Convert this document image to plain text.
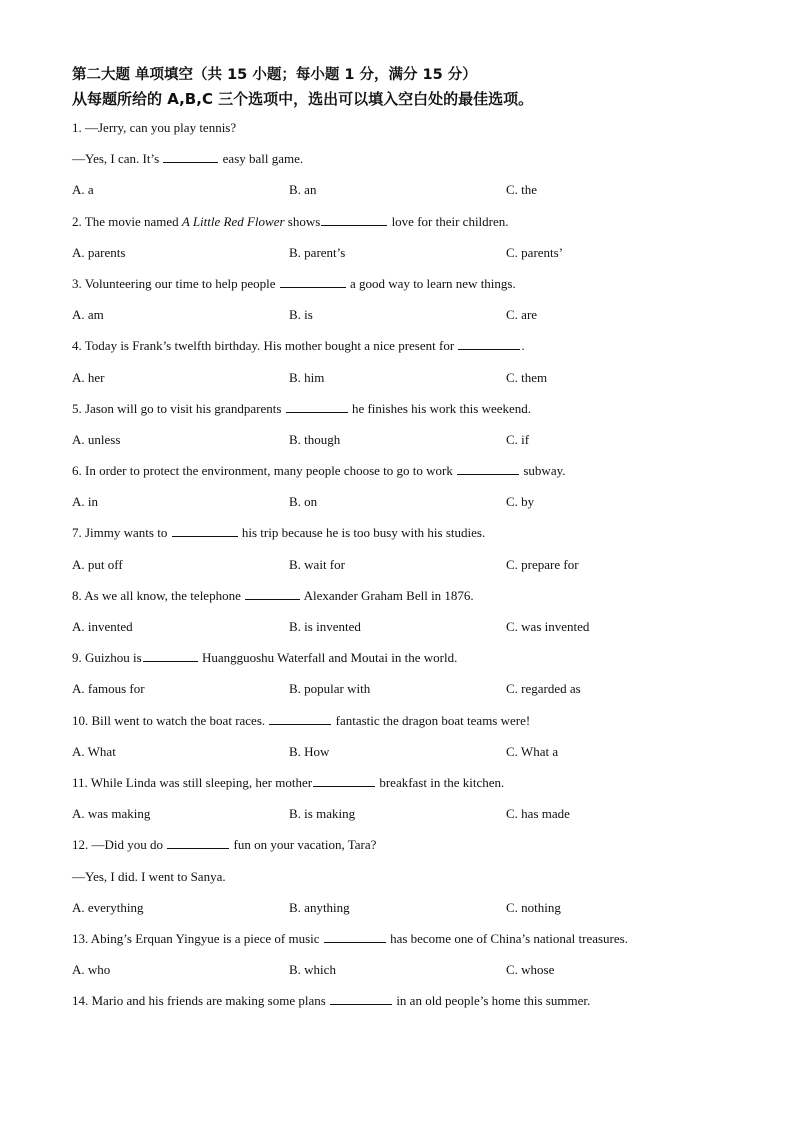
第二大题 单项填空（共 15 小题；每小题 1 分，满分 15 分）
从每题所给的 A,B,C 三个选项中，选出可以填入空白处的最佳选项。
1. —Jerry, can you play tennis?
—Yes, I can. It’s	easy ball game.
A. a	B. an	C. the
2. The movie named A Little Red Flower shows	love for their children.
A. parents	B. parent’s	C. parents’
3. Volunteering our time to help people	a good way to learn new things.
A. am	B. is	C. are
4. Today is Frank’s twelfth birthday. His mother bought a nice present for	.
A. her	B. him	C. them
5. Jason will go to visit his grandparents	he finishes his work this weekend.
A. unless	B. though	C. if
6. In order to protect the environment, many people choose to go to work	subway.
A. in	B. on	C. by
7. Jimmy wants to	his trip because he is too busy with his studies.
A. put off	B. wait for	C. prepare for
8. As we all know, the telephone	Alexander Graham Bell in 1876.
A. invented	B. is invented	C. was invented
9. Guizhou is	Huangguoshu Waterfall and Moutai in the world.
A. famous for	B. popular with	C. regarded as
10. Bill went to watch the boat races.	fantastic the dragon boat teams were!
A. What	B. How	C. What a
11. While Linda was still sleeping, her mother	breakfast in the kitchen.
A. was making	B. is making	C. has made
12. —Did you do	fun on your vacation, Tara?
—Yes, I did. I went to Sanya.
A. everything	B. anything	C. nothing
13. Abing’s Erquan Yingyue is a piece of music	has become one of China’s national treasures.
A. who	B. which	C. whose
14. Mario and his friends are making some plans	in an old people’s home this summer.
